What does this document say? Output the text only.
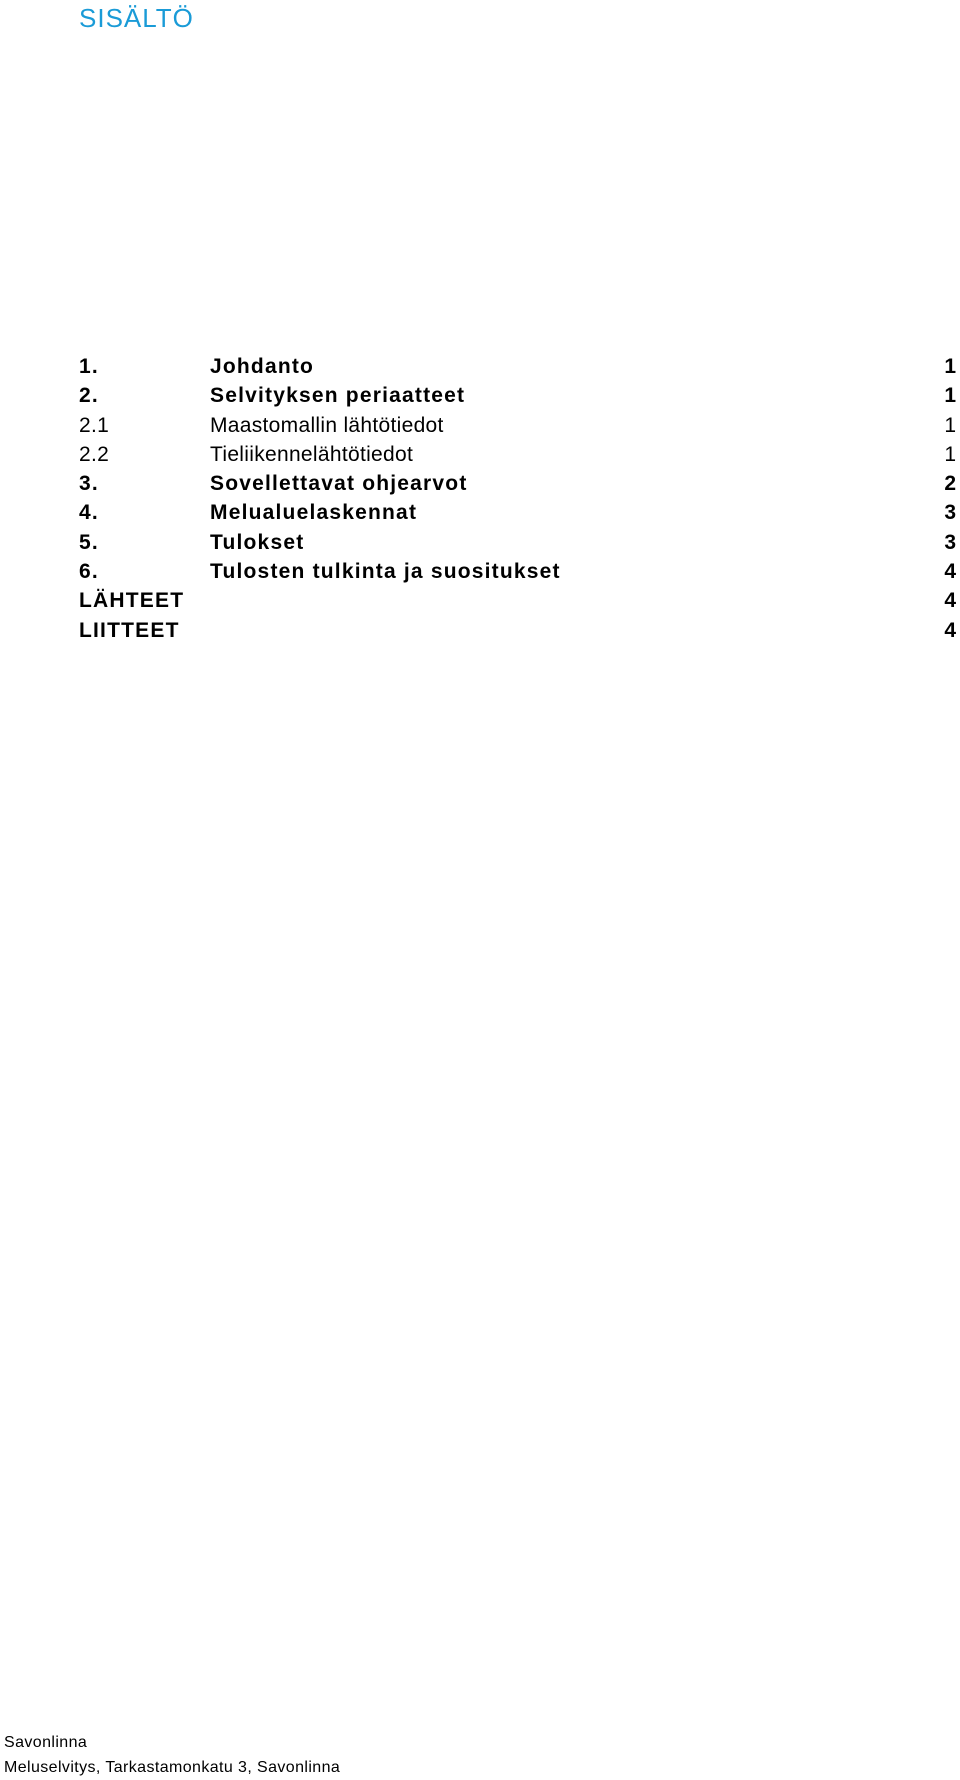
SISÄLTÖ
1.	Johdanto	1
2.	Selvityksen periaatteet	1
2.1	Maastomallin lähtötiedot	1
2.2	Tieliikennelähtötiedot	1
3.	Sovellettavat ohjearvot	2
4.	Melualuelaskennat	3
5.	Tulokset	3
6.	Tulosten tulkinta ja suositukset	4
LÄHTEET	4
LIITTEET	4
Savonlinna
Meluselvitys, Tarkastamonkatu 3, Savonlinna
